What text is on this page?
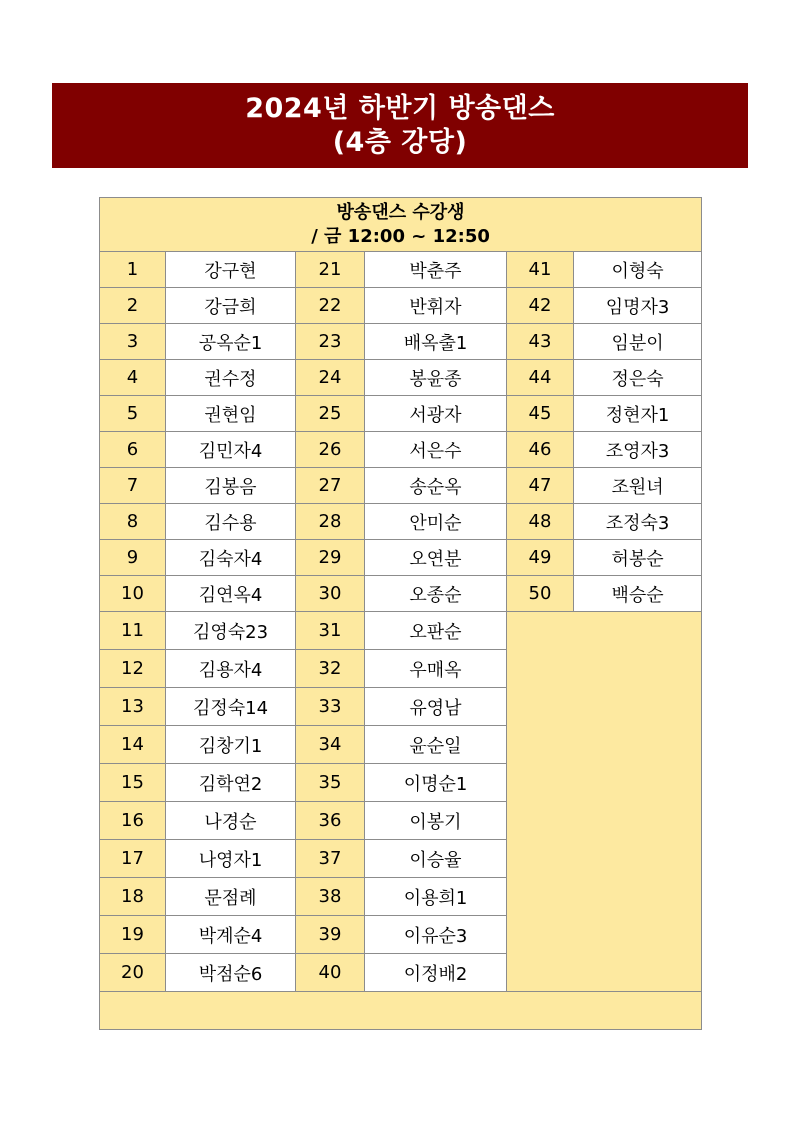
2024년 하반기 방송댄스
(4층 강당)
방송댄스 수강생
/ 금 12:00 ~ 12:50					

1	강구현	21	박춘주	41	이형숙
2	강금희	22	반휘자	42	임명자3
3	공옥순1	23	배옥출1	43	임분이
4	권수정	24	봉윤종	44	정은숙
5	권현임	25	서광자	45	정현자1
6	김민자4	26	서은수	46	조영자3
7	김봉음	27	송순옥	47	조원녀
8	김수용	28	안미순	48	조정숙3
9	김숙자4	29	오연분	49	허봉순
10	김연옥4	30	오종순	50	백승순
11	김영숙23	31	오판순		
12	김용자4	32	우매옥		
13	김정숙14	33	유영남		
14	김창기1	34	윤순일		
15	김학연2	35	이명순1		
16	나경순	36	이봉기		
17	나영자1	37	이승율		
18	문점례	38	이용희1		
19	박계순4	39	이유순3		
20	박점순6	40	이정배2		
